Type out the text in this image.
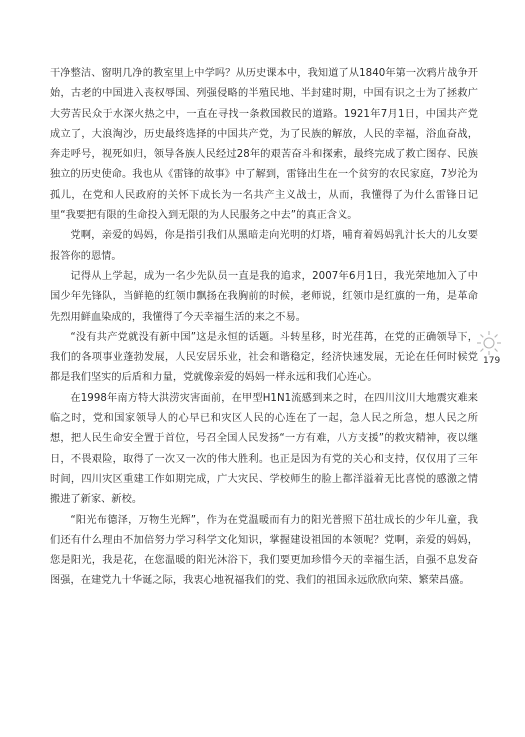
干净整洁、窗明几净的教室里上中学吗？从历史课本中，我知道了从1840年第一次鸦片战争开始，古老的中国进入丧权辱国、列强侵略的半殖民地、半封建时期，中国有识之士为了拯救广大劳苦民众于水深火热之中，一直在寻找一条救国救民的道路。1921年7月1日，中国共产党成立了，大浪淘沙，历史最终选择的中国共产党，为了民族的解放，人民的幸福，浴血奋战，奔走呼号，视死如归，领导各族人民经过28年的艰苦奋斗和探索，最终完成了救亡图存、民族独立的历史使命。我也从《雷锋的故事》中了解到，雷锋出生在一个贫穷的农民家庭，7岁沦为孤儿，在党和人民政府的关怀下成长为一名共产主义战士，从而，我懂得了为什么雷锋日记里“我要把有限的生命投入到无限的为人民服务之中去”的真正含义。

党啊，亲爱的妈妈，你是指引我们从黑暗走向光明的灯塔，哺育着妈妈乳汁长大的儿女要报答你的恩情。

记得从上学起，成为一名少先队员一直是我的追求，2007年6月1日，我光荣地加入了中国少年先锋队，当鲜艳的红领巾飘扬在我胸前的时候，老师说，红领巾是红旗的一角，是革命先烈用鲜血染成的，我懂得了今天幸福生活的来之不易。

“没有共产党就没有新中国”这是永恒的话题。斗转星移，时光荏苒，在党的正确领导下，我们的各项事业蓬勃发展，人民安居乐业，社会和谐稳定，经济快速发展，无论在任何时候党都是我们坚实的后盾和力量，党就像亲爱的妈妈一样永远和我们心连心。

在1998年南方特大洪涝灾害面前，在甲型H1N1流感到来之时，在四川汶川大地震灾难来临之时，党和国家领导人的心早已和灾区人民的心连在了一起，急人民之所急，想人民之所想，把人民生命安全置于首位，号召全国人民发扬“一方有难，八方支援”的救灾精神，夜以继日，不畏艰险，取得了一次又一次的伟大胜利。也正是因为有党的关心和支持，仅仅用了三年时间，四川灾区重建工作如期完成，广大灾民、学校师生的脸上都洋溢着无比喜悦的感激之情搬进了新家、新校。

“阳光布德泽，万物生光辉”，作为在党温暖而有力的阳光普照下茁壮成长的少年儿童，我们还有什么理由不加倍努力学习科学文化知识，掌握建设祖国的本领呢？党啊，亲爱的妈妈，您是阳光，我是花，在您温暖的阳光沐浴下，我们要更加珍惜今天的幸福生活，自强不息发奋图强，在建党九十华诞之际，我衷心地祝福我们的党、我们的祖国永远欣欣向荣、繁荣昌盛。

179
